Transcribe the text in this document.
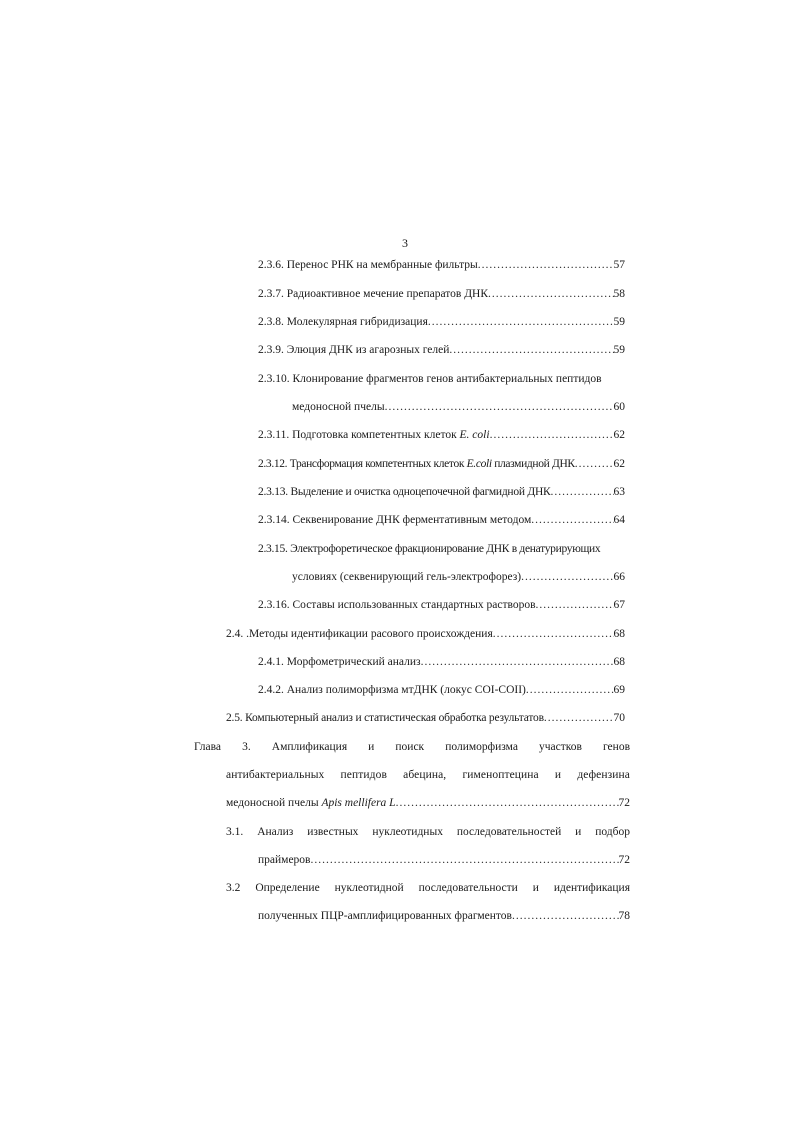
3
2.3.6. Перенос РНК на мембранные фильтры .....	57
2.3.7. Радиоактивное мечение препаратов ДНК .....	58
2.3.8. Молекулярная гибридизация .....	59
2.3.9. Элюция ДНК из агарозных гелей .....	59
2.3.10. Клонирование фрагментов генов антибактериальных пептидов
медоносной пчелы .....	60
2.3.11. Подготовка компетентных клеток E. coli .....	62
2.3.12. Трансформация компетентных клеток E.coli плазмидной ДНК .....	62
2.3.13. Выделение и очистка одноцепочечной фагмидной ДНК .....	63
2.3.14. Секвенирование ДНК ферментативным методом .....	64
2.3.15. Электрофоретическое фракционирование ДНК в денатурирующих
условиях (секвенирующий гель-электрофорез) .....	66
2.3.16. Составы использованных стандартных растворов .....	67
2.4. .Методы идентификации расового происхождения .....	68
2.4.1. Морфометрический анализ .....	68
2.4.2. Анализ полиморфизма мтДНК (локус COI-COII) .....	69
2.5. Компьютерный анализ и статистическая обработка результатов .....	70
Глава 3. Амплификация и поиск полиморфизма участков генов
антибактериальных пептидов абецина, гименоптецина и дефензина
медоносной пчелы Apis mellifera L .....	72
3.1. Анализ известных нуклеотидных последовательностей и подбор
праймеров .....	72
3.2 Определение нуклеотидной последовательности и идентификация
полученных ПЦР-амплифицированных фрагментов .....	78
